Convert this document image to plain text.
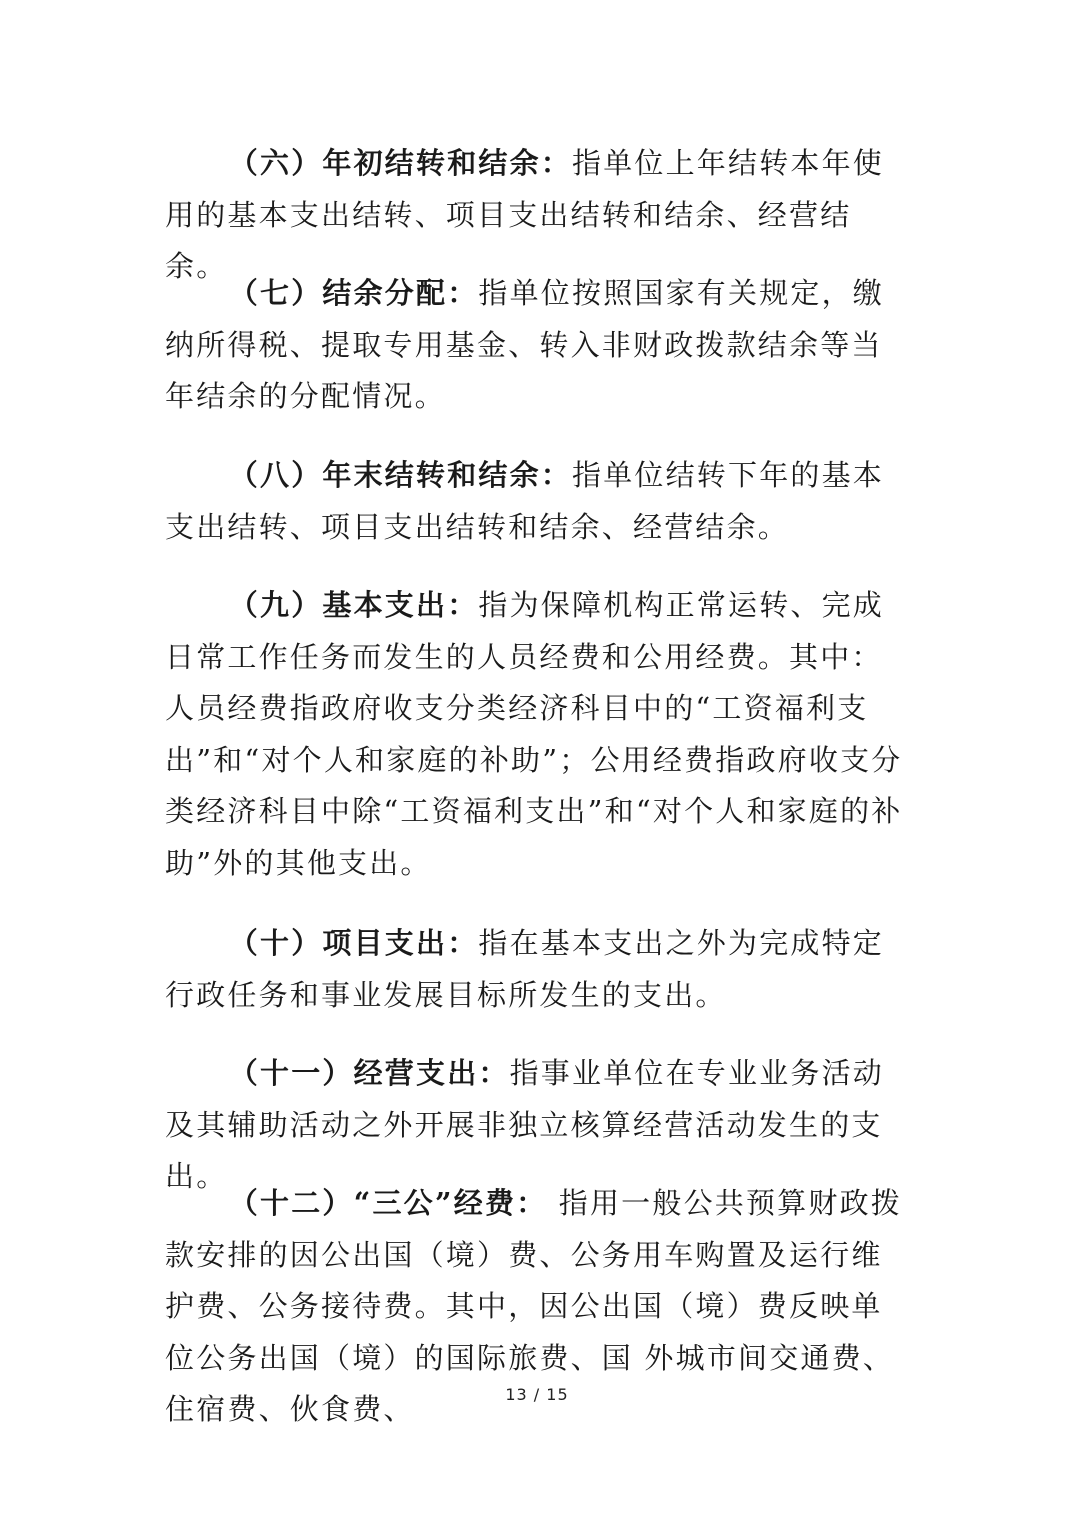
（六）年初结转和结余：指单位上年结转本年使用的基本支出结转、项目支出结转和结余、经营结余。

（七）结余分配：指单位按照国家有关规定，缴纳所得税、提取专用基金、转入非财政拨款结余等当年结余的分配情况。

（八）年末结转和结余：指单位结转下年的基本支出结转、项目支出结转和结余、经营结余。

（九）基本支出：指为保障机构正常运转、完成日常工作任务而发生的人员经费和公用经费。其中：人员经费指政府收支分类经济科目中的“工资福利支出”和“对个人和家庭的补助”；公用经费指政府收支分类经济科目中除“工资福利支出”和“对个人和家庭的补助”外的其他支出。

（十）项目支出：指在基本支出之外为完成特定行政任务和事业发展目标所发生的支出。

（十一）经营支出：指事业单位在专业业务活动及其辅助活动之外开展非独立核算经营活动发生的支出。

（十二）“三公”经费： 指用一般公共预算财政拨款安排的因公出国（境）费、公务用车购置及运行维护费、公务接待费。其中，因公出国（境）费反映单位公务出国（境）的国际旅费、国 外城市间交通费、住宿费、伙食费、	13 / 15
